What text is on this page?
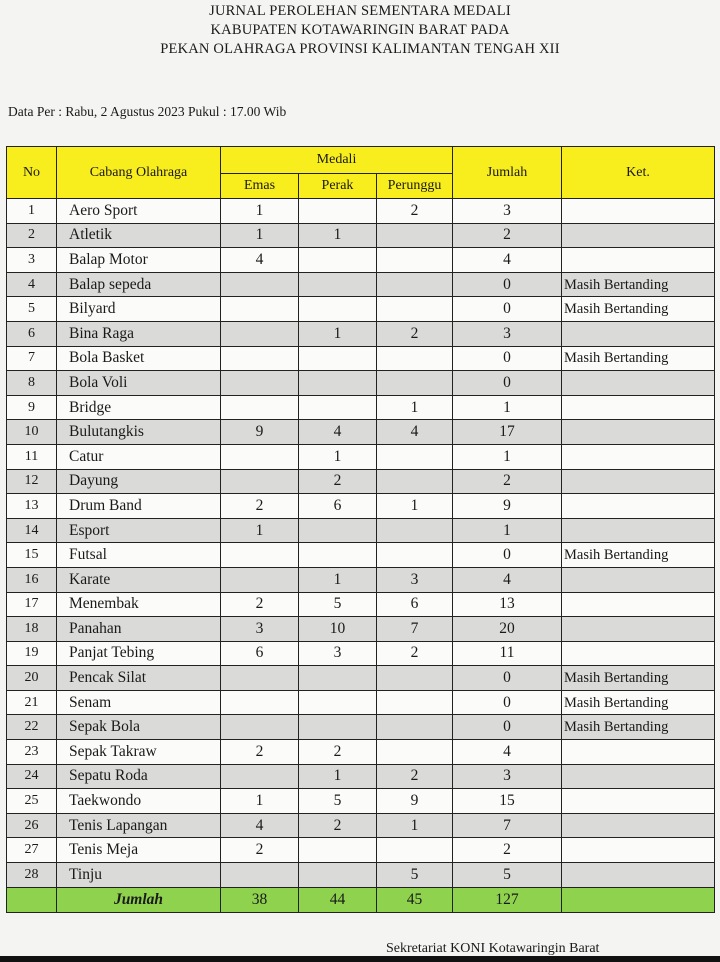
JURNAL PEROLEHAN SEMENTARA MEDALI
KABUPATEN KOTAWARINGIN BARAT PADA
PEKAN OLAHRAGA PROVINSI KALIMANTAN TENGAH XII
Data Per : Rabu, 2 Agustus 2023 Pukul : 17.00 Wib
No	Cabang Olahraga	Medali			Jumlah	Ket.
		Emas	Perak	Perunggu		
1	Aero Sport	1		2	3	
2	Atletik	1	1		2	
3	Balap Motor	4			4	
4	Balap sepeda				0	Masih Bertanding
5	Bilyard				0	Masih Bertanding
6	Bina Raga		1	2	3	
7	Bola Basket				0	Masih Bertanding
8	Bola Voli				0	
9	Bridge			1	1	
10	Bulutangkis	9	4	4	17	
11	Catur		1		1	
12	Dayung		2		2	
13	Drum Band	2	6	1	9	
14	Esport	1			1	
15	Futsal				0	Masih Bertanding
16	Karate		1	3	4	
17	Menembak	2	5	6	13	
18	Panahan	3	10	7	20	
19	Panjat Tebing	6	3	2	11	
20	Pencak Silat				0	Masih Bertanding
21	Senam				0	Masih Bertanding
22	Sepak Bola				0	Masih Bertanding
23	Sepak Takraw	2	2		4	
24	Sepatu Roda		1	2	3	
25	Taekwondo	1	5	9	15	
26	Tenis Lapangan	4	2	1	7	
27	Tenis Meja	2			2	
28	Tinju			5	5	
	Jumlah	38	44	45	127	
Sekretariat KONI Kotawaringin Barat
